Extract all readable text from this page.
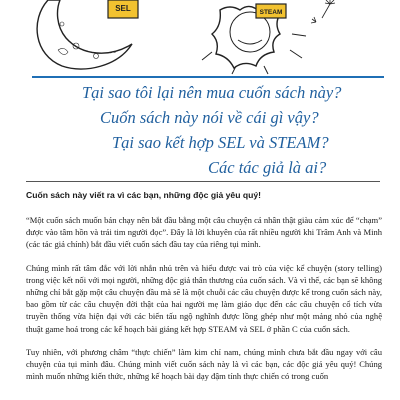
SEL	STEAM
Tại sao tôi lại nên mua cuốn sách này?
Cuốn sách này nói về cái gì vậy?
Tại sao kết hợp SEL và STEAM?
Các tác giả là ai?

Cuốn sách này viết ra vì các bạn, những độc giả yêu quý!

“Một cuốn sách muốn bán chạy nên bắt đầu bằng một câu chuyện cả nhân thật giàu cảm xúc để “chạm” được vào tâm hồn và trái tim người đọc”. Đây là lời khuyên của rất nhiều người khi Trâm Anh và Minh (các tác giả chính) bắt đầu viết cuốn sách đầu tay của riêng tụi mình.

Chúng mình rất tâm đắc với lời nhắn nhủ trên và hiểu được vai trò của việc kể chuyện (story telling) trong việc kết nối với mọi người, những độc giả thân thương của cuốn sách. Và vì thế, các bạn sẽ không những chỉ bắt gặp một câu chuyện đầu mà sẽ là một chuỗi các câu chuyện được kể trong cuốn sách này, bao gồm từ các câu chuyện đời thật của hai người mẹ làm giáo dục đến các câu chuyện cổ tích vừa truyền thống vừa hiện đại với các biến tấu ngộ nghĩnh được lồng ghép như một mảng nhỏ của nghệ thuật game hoá trong các kế hoạch bài giảng kết hợp STEAM và SEL ở phần C của cuốn sách.

Tuy nhiên, với phương châm “thực chiến” làm kim chỉ nam, chúng mình chưa bắt đầu ngay với câu chuyện của tụi mình đâu. Chúng mình viết cuốn sách này là vì các bạn, các độc giả yêu quý! Chúng mình muốn những kiến thức, những kế hoạch bài dạy đậm tính thực chiến có trong cuốn
